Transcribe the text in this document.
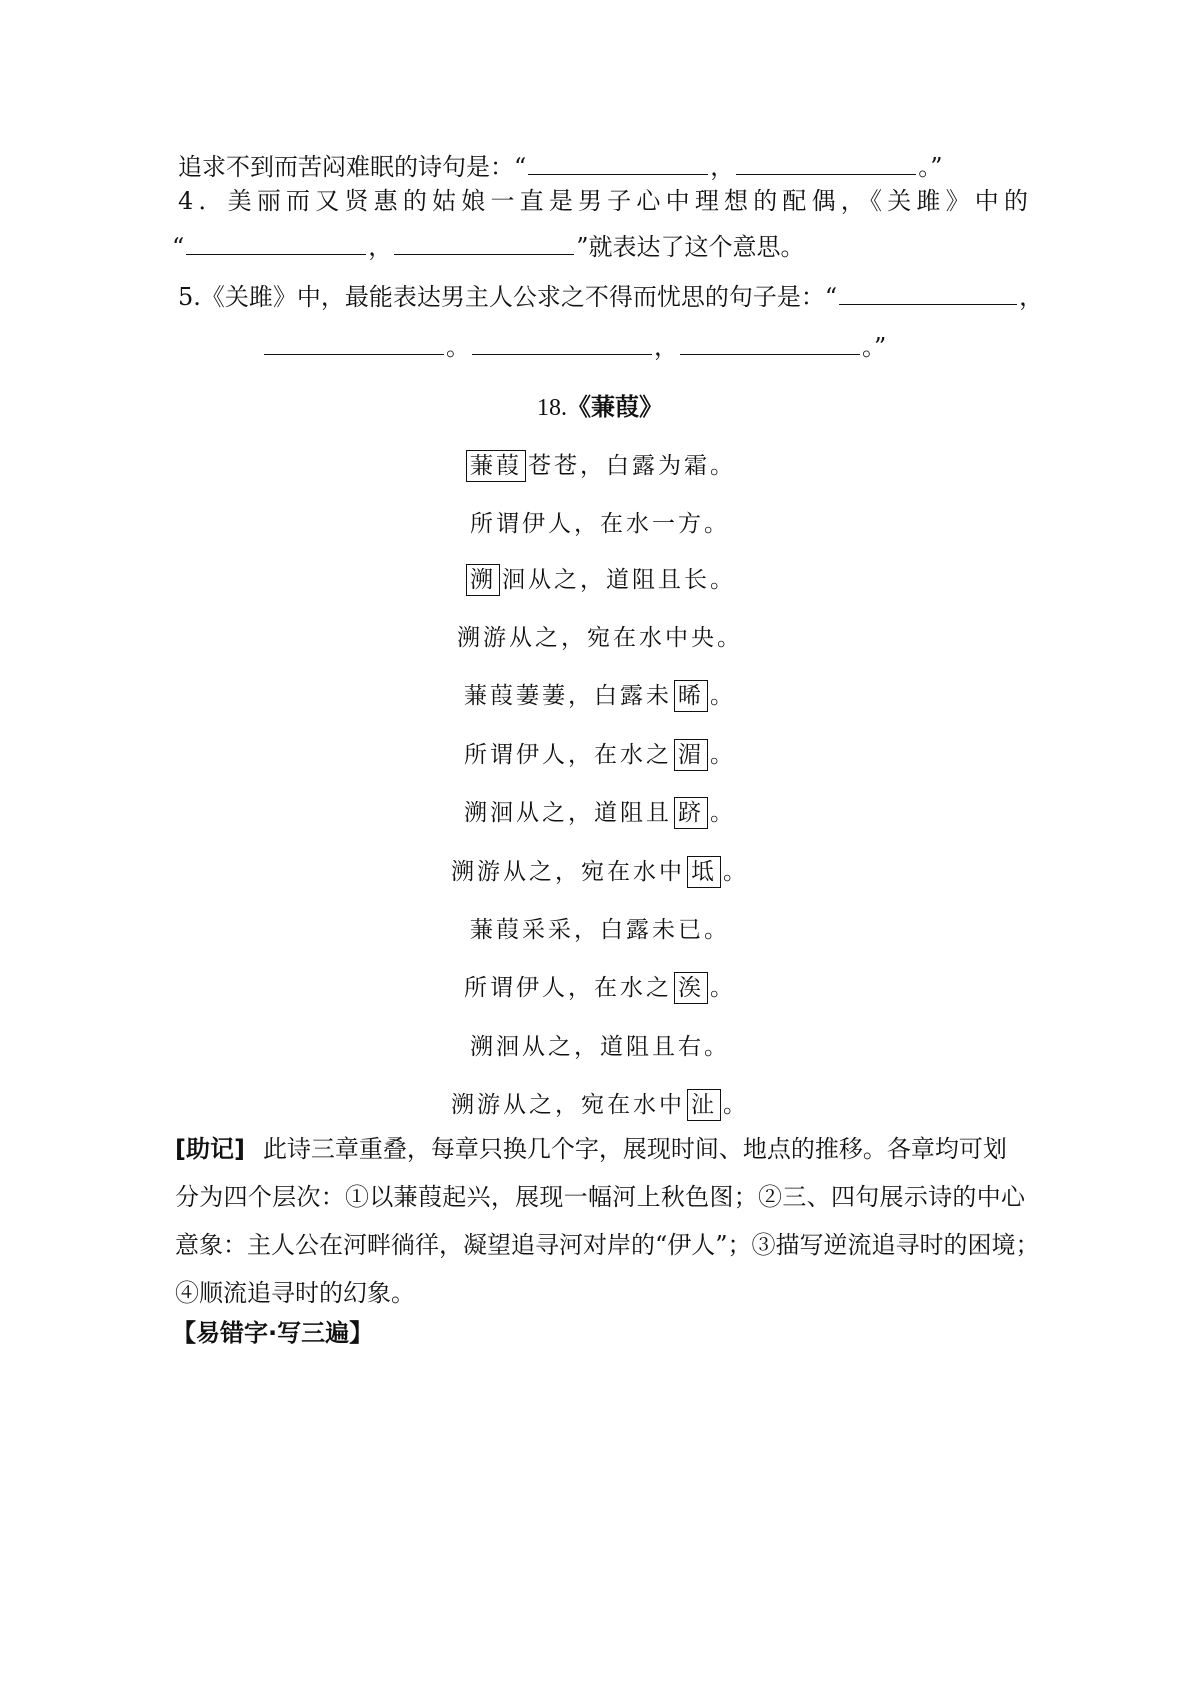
追求不到而苦闷难眠的诗句是：“	，	。”
4．美丽而又贤惠的姑娘一直是男子心中理想的配偶，《关雎》中的
“	，	”就表达了这个意思。
5.《关雎》中，最能表达男主人公求之不得而忧思的句子是：“	，
。	，	。”
18.《蒹葭》
蒹葭 苍苍，白露为霜。
所谓伊人，在水一方。
溯 洄从之，道阻且长。
溯游从之，宛在水中央。
蒹葭萋萋，白露未 晞 。
所谓伊人，在水之 湄 。
溯洄从之，道阻且 跻 。
溯游从之，宛在水中 坻 。
蒹葭采采，白露未已。
所谓伊人，在水之 涘 。
溯洄从之，道阻且右。
溯游从之，宛在水中 沚 。
[助记] 此诗三章重叠，每章只换几个字，展现时间、地点的推移。各章均可划
分为四个层次：①以蒹葭起兴，展现一幅河上秋色图；②三、四句展示诗的中心
意象：主人公在河畔徜徉，凝望追寻河对岸的“伊人”；③描写逆流追寻时的困境；
④顺流追寻时的幻象。
【易错字·写三遍】
